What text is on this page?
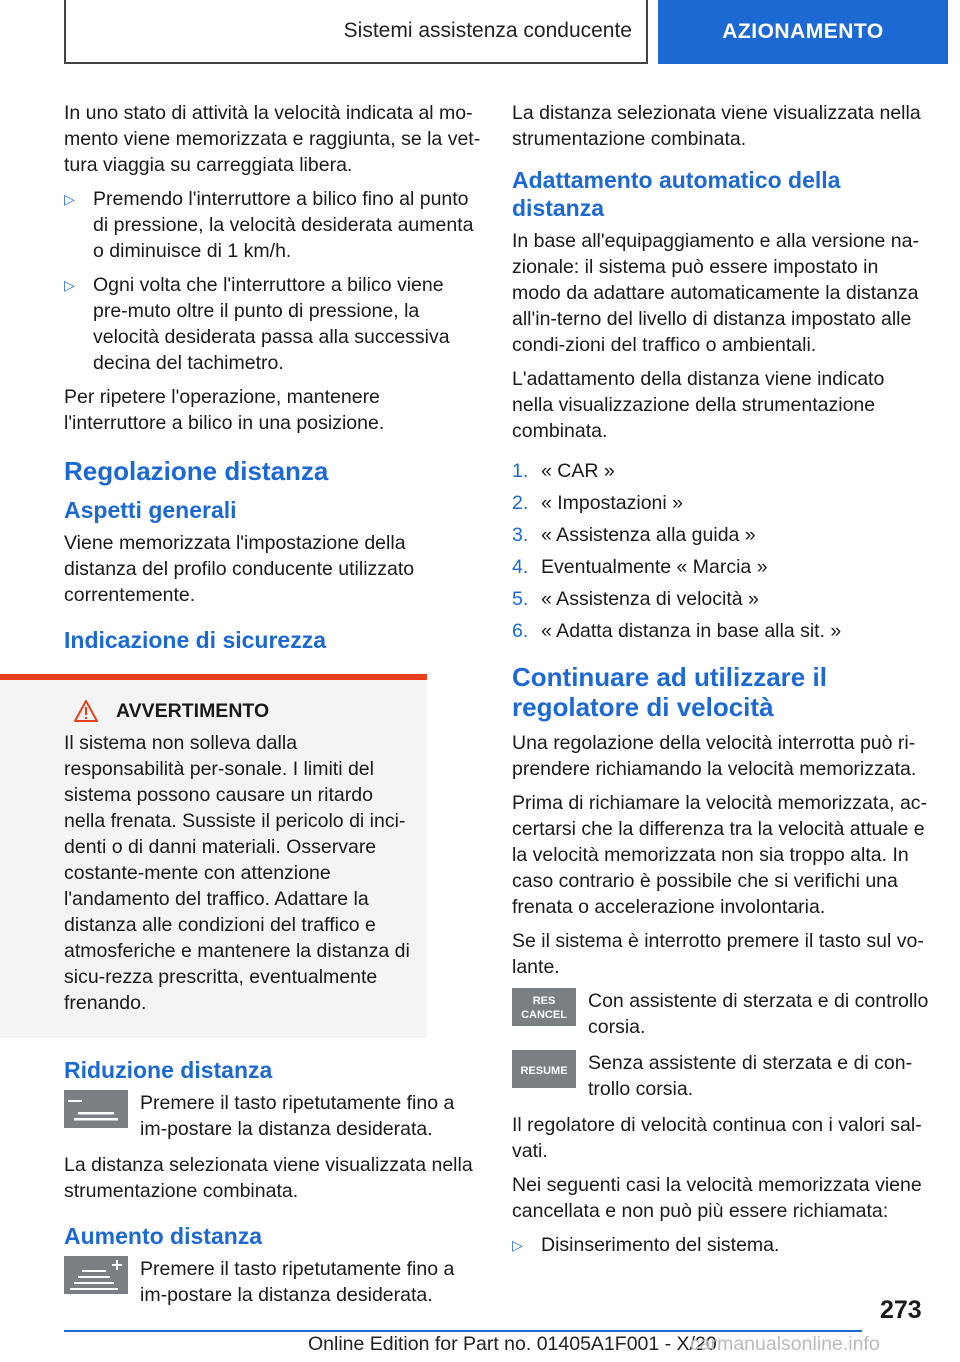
Sistemi assistenza conducente	AZIONAMENTO

In uno stato di attività la velocità indicata al mo-mento viene memorizzata e raggiunta, se la vet-tura viaggia su carreggiata libera.

▷ Premendo l'interruttore a bilico fino al punto di pressione, la velocità desiderata aumenta o diminuisce di 1 km/h.
▷ Ogni volta che l'interruttore a bilico viene pre-muto oltre il punto di pressione, la velocità desiderata passa alla successiva decina del tachimetro.

Per ripetere l'operazione, mantenere l'interruttore a bilico in una posizione.

Regolazione distanza
Aspetti generali

Viene memorizzata l'impostazione della distanza del profilo conducente utilizzato correntemente.

Indicazione di sicurezza
AVVERTIMENTO

Il sistema non solleva dalla responsabilità per-sonale. I limiti del sistema possono causare un ritardo nella frenata. Sussiste il pericolo di inci-denti o di danni materiali. Osservare costante-mente con attenzione l'andamento del traffico. Adattare la distanza alle condizioni del traffico e atmosferiche e mantenere la distanza di sicu-rezza prescritta, eventualmente frenando.

Riduzione distanza
Premere il tasto ripetutamente fino a im-postare la distanza desiderata.

La distanza selezionata viene visualizzata nella strumentazione combinata.

Aumento distanza
Premere il tasto ripetutamente fino a im-postare la distanza desiderata.

La distanza selezionata viene visualizzata nella strumentazione combinata.

Adattamento automatico della distanza

In base all'equipaggiamento e alla versione na-zionale: il sistema può essere impostato in modo da adattare automaticamente la distanza all'in-terno del livello di distanza impostato alle condi-zioni del traffico o ambientali.

L'adattamento della distanza viene indicato nella visualizzazione della strumentazione combinata.

1. « CAR »
2. « Impostazioni »
3. « Assistenza alla guida »
4. Eventualmente « Marcia »
5. « Assistenza di velocità »
6. « Adatta distanza in base alla sit. »
Continuare ad utilizzare il regolatore di velocità

Una regolazione della velocità interrotta può ri-prendere richiamando la velocità memorizzata.

Prima di richiamare la velocità memorizzata, ac-certarsi che la differenza tra la velocità attuale e la velocità memorizzata non sia troppo alta. In caso contrario è possibile che si verifichi una frenata o accelerazione involontaria.

Se il sistema è interrotto premere il tasto sul vo-lante.

RES
CANCEL
Con assistente di sterzata e di controllo corsia.
RESUME Senza assistente di sterzata e di con-trollo corsia.

Il regolatore di velocità continua con i valori sal-vati.

Nei seguenti casi la velocità memorizzata viene cancellata e non può più essere richiamata:

▷ Disinserimento del sistema.
273
Online Edition for Part no. 01405A1F001 - X/20
carmanualsonline.info
